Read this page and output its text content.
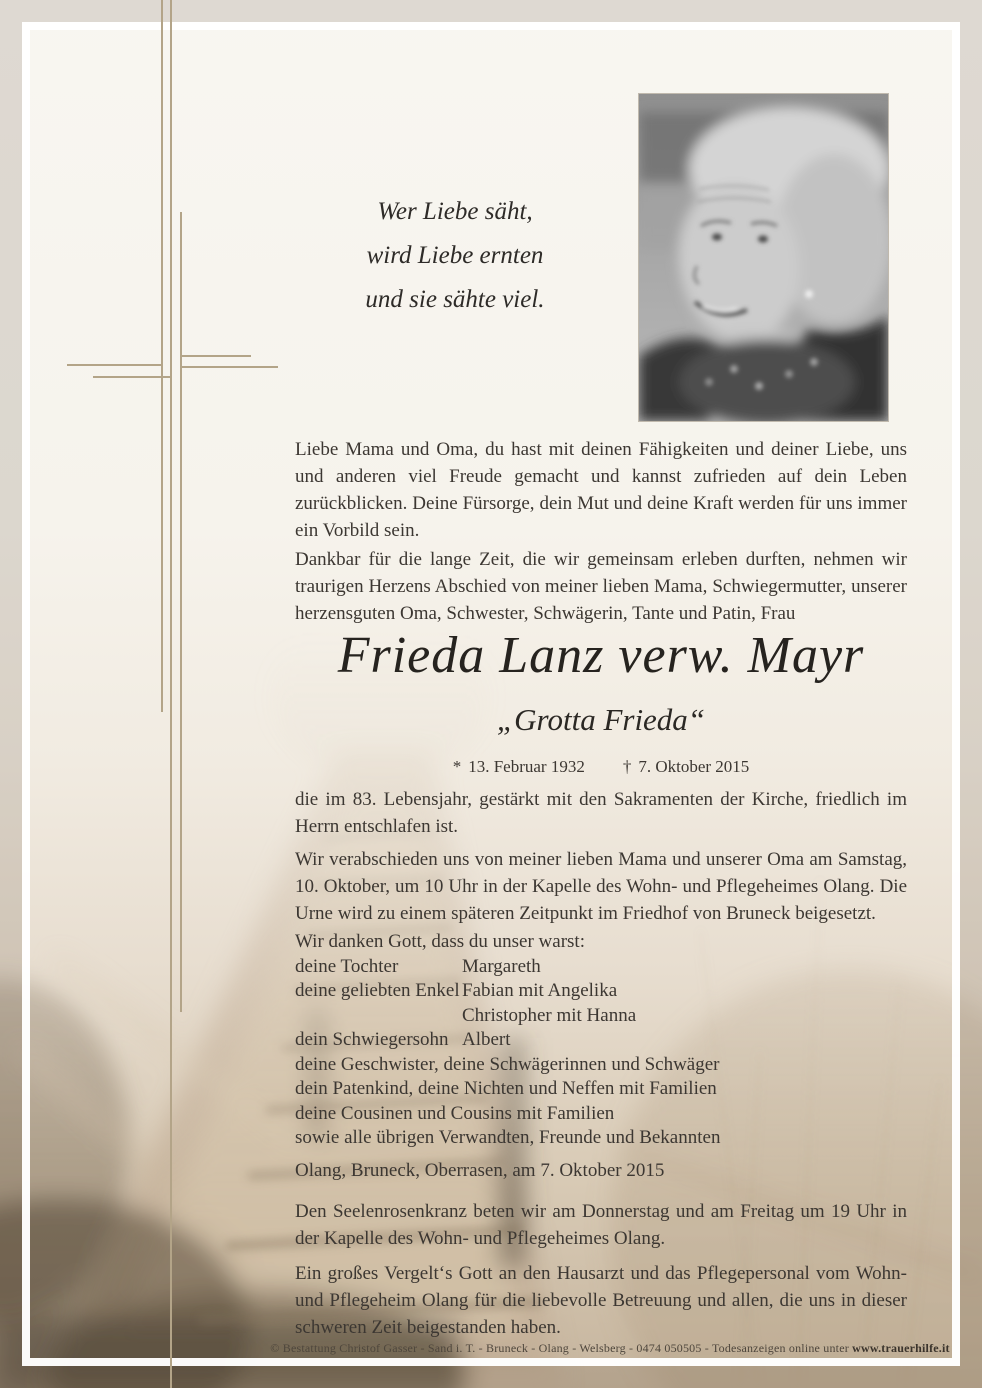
Wer Liebe säht,
wird Liebe ernten
und sie sähte viel.
Liebe Mama und Oma, du hast mit deinen Fähigkeiten und deiner Liebe, uns und anderen viel Freude gemacht und kannst zufrieden auf dein Leben zurückblicken. Deine Fürsorge, dein Mut und deine Kraft werden für uns immer ein Vorbild sein.
Dankbar für die lange Zeit, die wir gemeinsam erleben durften, nehmen wir traurigen Herzens Abschied von meiner lieben Mama, Schwiegermutter, unserer herzensguten Oma, Schwester, Schwägerin, Tante und Patin, Frau
Frieda Lanz verw. Mayr
„Grotta Frieda“
* 13. Februar 1932 † 7. Oktober 2015
die im 83. Lebensjahr, gestärkt mit den Sakramenten der Kirche, friedlich im Herrn entschlafen ist.
Wir verabschieden uns von meiner lieben Mama und unserer Oma am Samstag, 10. Oktober, um 10 Uhr in der Kapelle des Wohn- und Pflegeheimes Olang. Die Urne wird zu einem späteren Zeitpunkt im Friedhof von Bruneck beigesetzt.
Wir danken Gott, dass du unser warst:
deine Tochter	Margareth
deine geliebten Enkel Fabian mit Angelika
Christopher mit Hanna
dein Schwiegersohn Albert
deine Geschwister, deine Schwägerinnen und Schwäger
dein Patenkind, deine Nichten und Neffen mit Familien
deine Cousinen und Cousins mit Familien
sowie alle übrigen Verwandten, Freunde und Bekannten
Olang, Bruneck, Oberrasen, am 7. Oktober 2015
Den Seelenrosenkranz beten wir am Donnerstag und am Freitag um 19 Uhr in der Kapelle des Wohn- und Pflegeheimes Olang.
Ein großes Vergelt‘s Gott an den Hausarzt und das Pflegepersonal vom Wohn- und Pflegeheim Olang für die liebevolle Betreuung und allen, die uns in dieser schweren Zeit beigestanden haben.
© Bestattung Christof Gasser - Sand i. T. - Bruneck - Olang - Welsberg - 0474 050505 - Todesanzeigen online unter www.trauerhilfe.it
